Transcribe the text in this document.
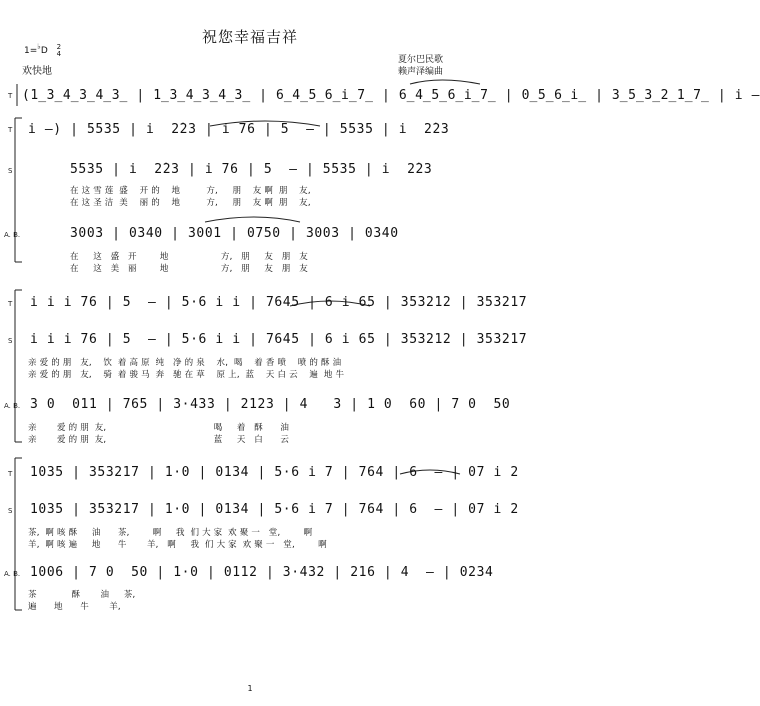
祝您幸福吉祥
1=♭D 2
4
欢快地
夏尔巴民歌
赖声泽编曲
T (1̲3̲4̲3̲4̲3̲ | 1̲3̲4̲3̲4̲3̲ | 6̲4̲5̲6̲i̲7̲ | 6̲4̲5̲6̲i̲7̲ | 0̲5̲6̲i̲ | 3̲5̲3̲2̲1̲7̲ | i –
T i –) | 5535 | i  2̇23 | i 76 | 5  – | 5535 | i  2̇23
S	5535 | i  2̇23 | i 76 | 5  – | 5535 | i  2̇23
在 这 雪 莲  盛    开 的    地         方,     朋    友 啊  朋    友,
在 这 圣 洁  美    丽 的    地         方,     朋    友 啊  朋    友,
A. B.	3003 | 0340 | 3001 | 0750 | 3003 | 0340
在     这   盛   开        地                  方,   朋     友   朋   友
在     这   美   丽        地                  方,   朋     友   朋   友
T i i i 76 | 5  – | 5·6 i i | 7645 | 6 i 65 | 353212 | 353217
S i i i 76 | 5  – | 5·6 i i | 7645 | 6 i 65 | 353212 | 353217
亲 爱 的 朋   友,    饮  着 高 原  纯   净 的 泉    水,  喝    着 香 喷    喷 的 酥 油
亲 爱 的 朋   友,    骑  着 骏 马  奔   驰 在 草    原 上,  蓝    天 白 云    遍  地 牛
A. B. 3 0  011 | 765 | 3·433 | 2123 | 4   3 | 1 0  60 | 7 0  50
亲       爱 的 朋  友,                                     喝     着   酥      油
亲       爱 的 朋  友,                                     蓝     天   白      云
T 1035 | 353217 | 1·0 | 0134 | 5·6 i 7 | 764 | 6  – | 07 i 2
S 1035 | 353217 | 1·0 | 0134 | 5·6 i 7 | 764 | 6  – | 07 i 2
茶,  啊 咳 酥     油      茶,        啊     我  们 大 家  欢 聚 一   堂,        啊
羊,  啊 咳 遍     地      牛       羊,   啊     我  们 大 家  欢 聚 一   堂,        啊
A. B. 1006 | 7 0  50 | 1·0 | 0112 | 3·432 | 216 | 4  – | 0234
茶            酥       油     茶,
遍      地      牛       羊,
1
